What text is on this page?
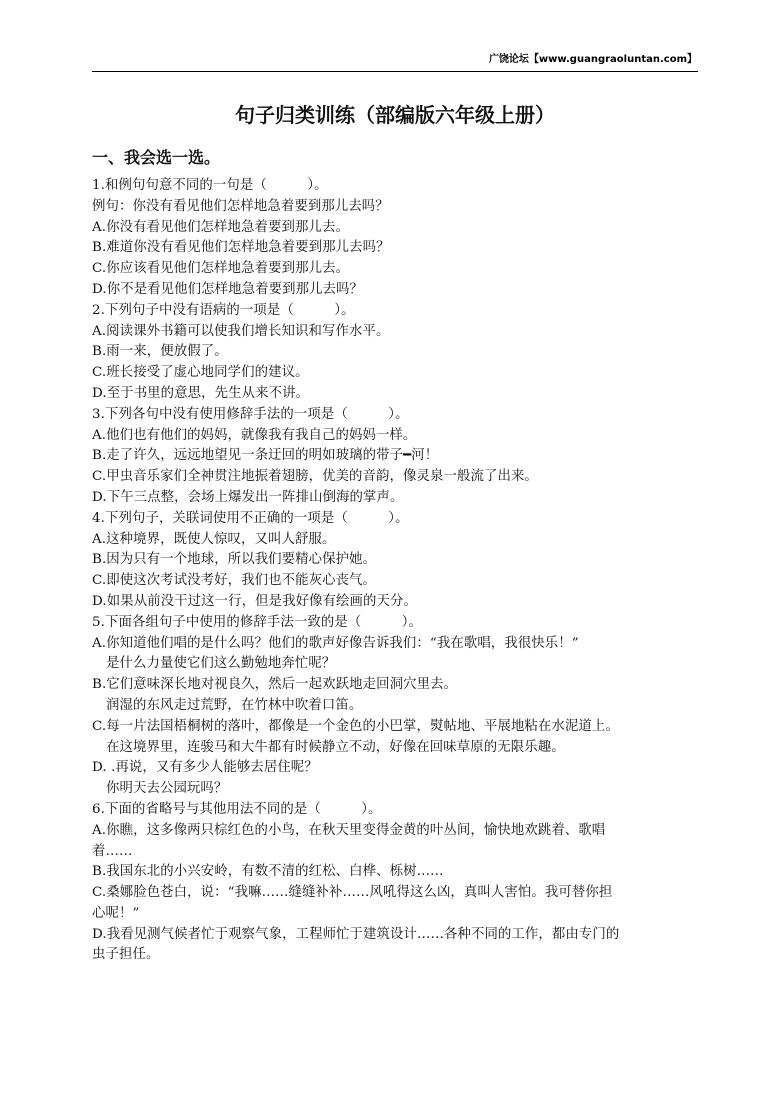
广饶论坛【www.guangraoluntan.com】
句子归类训练（部编版六年级上册）
一、我会选一选。
1.和例句句意不同的一句是（　　　）。
例句：你没有看见他们怎样地急着要到那儿去吗？
A.你没有看见他们怎样地急着要到那儿去。
B.难道你没有看见他们怎样地急着要到那儿去吗？
C.你应该看见他们怎样地急着要到那儿去。
D.你不是看见他们怎样地急着要到那儿去吗？
2.下列句子中没有语病的一项是（　　　）。
A.阅读课外书籍可以使我们增长知识和写作水平。
B.雨一来，便放假了。
C.班长接受了虚心地同学们的建议。
D.至于书里的意思，先生从来不讲。
3.下列各句中没有使用修辞手法的一项是（　　　）。
A.他们也有他们的妈妈，就像我有我自己的妈妈一样。
B.走了许久，远远地望见一条迂回的明如玻璃的带子━河！
C.甲虫音乐家们全神贯注地振着翅膀，优美的音韵，像灵泉一般流了出来。
D.下午三点整，会场上爆发出一阵排山倒海的掌声。
4.下列句子，关联词使用不正确的一项是（　　　）。
A.这种境界，既使人惊叹，又叫人舒服。
B.因为只有一个地球，所以我们要精心保护她。
C.即使这次考试没考好，我们也不能灰心丧气。
D.如果从前没干过这一行，但是我好像有绘画的天分。
5.下面各组句子中使用的修辞手法一致的是（　　　）。
A.你知道他们唱的是什么吗？他们的歌声好像告诉我们：“我在歌唱，我很快乐！”
是什么力量使它们这么勤勉地奔忙呢？
B.它们意味深长地对视良久，然后一起欢跃地走回洞穴里去。
润湿的东风走过荒野，在竹林中吹着口笛。
C.每一片法国梧桐树的落叶，都像是一个金色的小巴掌，熨帖地、平展地粘在水泥道上。
在这境界里，连骏马和大牛都有时候静立不动，好像在回味草原的无限乐趣。
D. .再说，又有多少人能够去居住呢？
你明天去公园玩吗？
6.下面的省略号与其他用法不同的是（　　　）。
A.你瞧，这多像两只棕红色的小鸟，在秋天里变得金黄的叶丛间，愉快地欢跳着、歌唱
着……
B.我国东北的小兴安岭，有数不清的红松、白桦、栎树……
C.桑娜脸色苍白，说：“我嘛……缝缝补补……风吼得这么凶，真叫人害怕。我可替你担
心呢！”
D.我看见测气候者忙于观察气象，工程师忙于建筑设计……各种不同的工作，都由专门的
虫子担任。
